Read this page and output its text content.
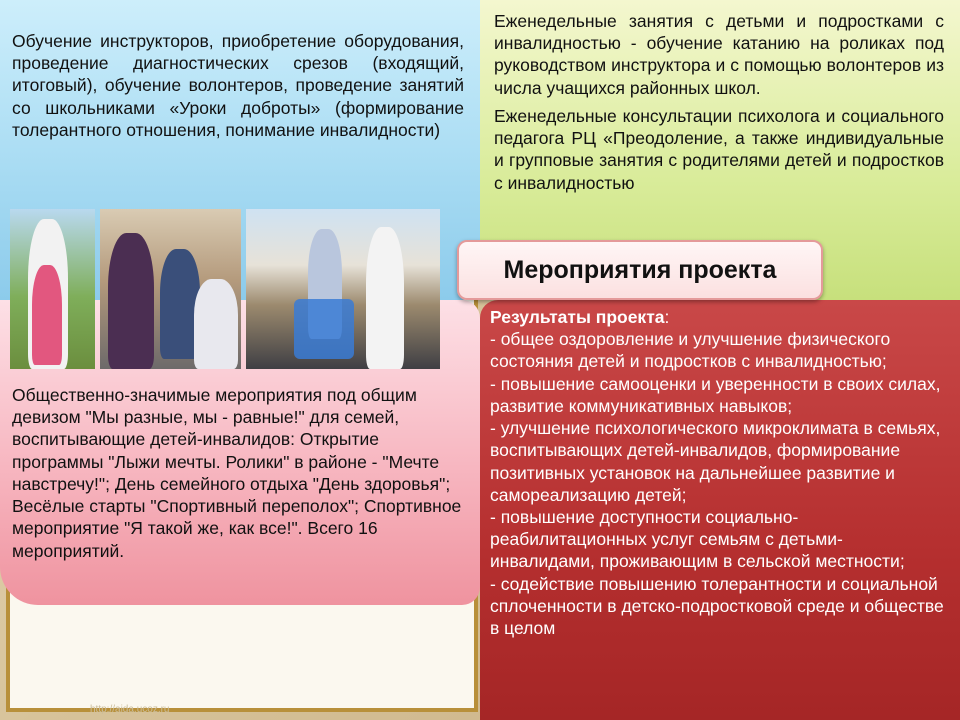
Обучение инструкторов, приобретение оборудования, проведение диагностических срезов (входящий, итоговый), обучение волонтеров, проведение занятий со школьниками «Уроки доброты» (формирование толерантного отношения, понимание инвалидности)

Еженедельные занятия с детьми и подростками с инвалидностью - обучение катанию на роликах под руководством инструктора и с помощью волонтеров из числа учащихся районных школ.

Еженедельные консультации психолога и социального педагога РЦ «Преодоление, а также индивидуальные и групповые занятия с родителями детей и подростков с инвалидностью

Общественно-значимые мероприятия под общим девизом "Мы разные, мы - равные!" для семей, воспитывающие детей-инвалидов: Открытие программы "Лыжи мечты. Ролики" в районе - "Мечте навстречу!"; День семейного отдыха "День здоровья"; Весёлые старты "Спортивный переполох"; Спортивное мероприятие "Я такой же, как все!". Всего 16 мероприятий.

Результаты проекта:
- общее оздоровление и улучшение физического состояния детей и подростков с инвалидностью;
- повышение самооценки и уверенности в своих силах, развитие коммуникативных навыков;
- улучшение психологического микроклимата в семьях, воспитывающих детей-инвалидов, формирование позитивных установок на дальнейшее развитие и самореализацию детей;
- повышение доступности социально-реабилитационных услуг семьям с детьми-инвалидами, проживающим в сельской местности;
- содействие повышению толерантности и социальной сплоченности в детско-подростковой среде и обществе в целом
Мероприятия проекта
http://aida.ucoz.ru
